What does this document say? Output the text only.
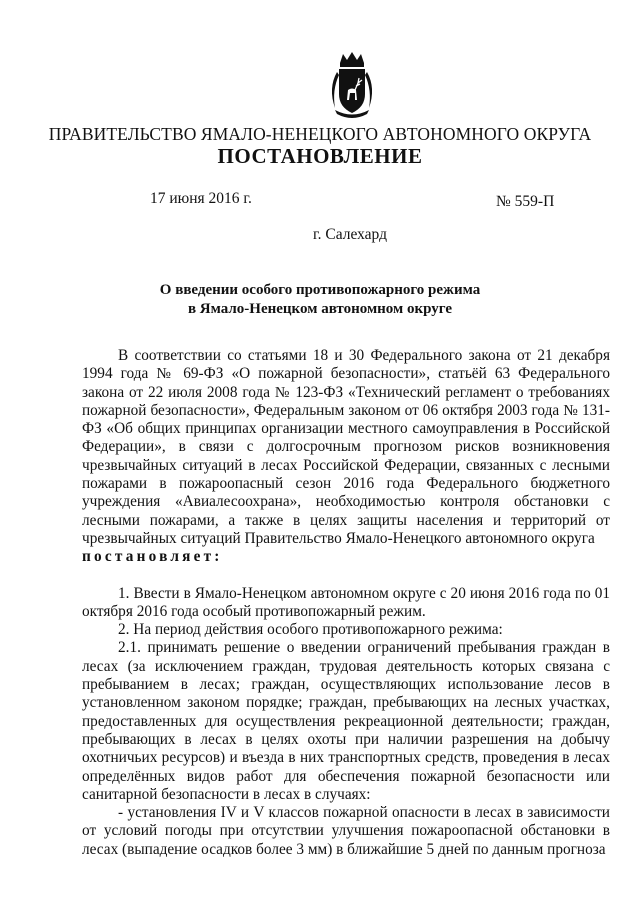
ПРАВИТЕЛЬСТВО ЯМАЛО-НЕНЕЦКОГО АВТОНОМНОГО ОКРУГА
ПОСТАНОВЛЕНИЕ
17 июня 2016 г.	№ 559-П
г. Салехард
О введении особого противопожарного режима
в Ямало-Ненецком автономном округе

В соответствии со статьями 18 и 30 Федерального закона от 21 декабря 1994 года № 69-ФЗ «О пожарной безопасности», статьёй 63 Федерального закона от 22 июля 2008 года № 123-ФЗ «Технический регламент о требованиях пожарной безопасности», Федеральным законом от 06 октября 2003 года № 131-ФЗ «Об общих принципах организации местного самоуправления в Российской Федерации», в связи с долгосрочным прогнозом рисков возникновения чрезвычайных ситуаций в лесах Российской Федерации, связанных с лесными пожарами в пожароопасный сезон 2016 года Федерального бюджетного учреждения «Авиалесоохрана», необходимостью контроля обстановки с лесными пожарами, а также в целях защиты населения и территорий от чрезвычайных ситуаций Правительство Ямало-Ненецкого автономного округа

постановляет:

1. Ввести в Ямало-Ненецком автономном округе с 20 июня 2016 года по 01 октября 2016 года особый противопожарный режим.

2. На период действия особого противопожарного режима:

2.1. принимать решение о введении ограничений пребывания граждан в лесах (за исключением граждан, трудовая деятельность которых связана с пребыванием в лесах; граждан, осуществляющих использование лесов в установленном законом порядке; граждан, пребывающих на лесных участках, предоставленных для осуществления рекреационной деятельности; граждан, пребывающих в лесах в целях охоты при наличии разрешения на добычу охотничьих ресурсов) и въезда в них транспортных средств, проведения в лесах определённых видов работ для обеспечения пожарной безопасности или санитарной безопасности в лесах в случаях:

- установления IV и V классов пожарной опасности в лесах в зависимости от условий погоды при отсутствии улучшения пожароопасной обстановки в лесах (выпадение осадков более 3 мм) в ближайшие 5 дней по данным прогноза
